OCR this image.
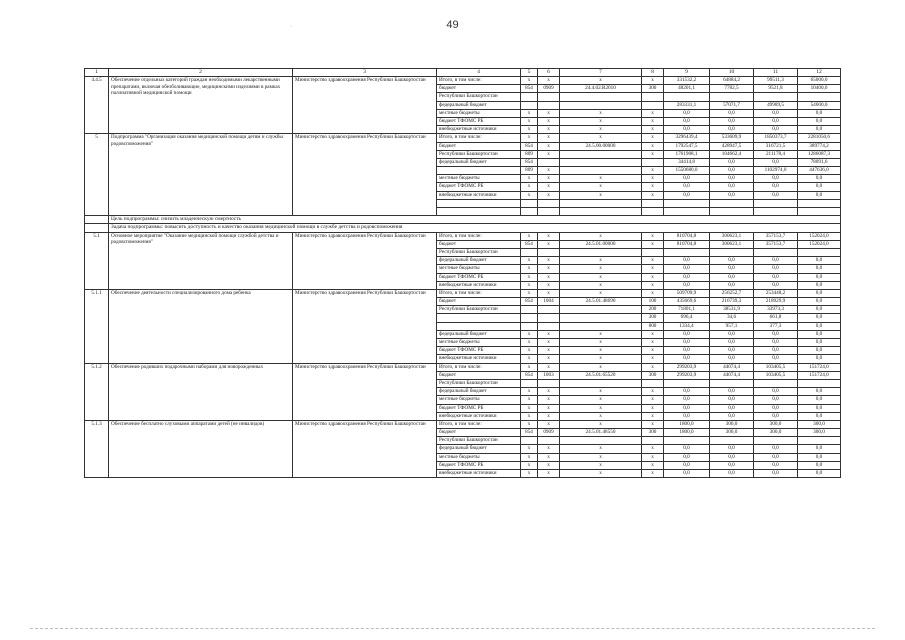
49
·
1	2	3	4	5	6	7	8	9	10	11	12
4.4.5	Обеспечение отдельных категорий граждан необходимыми лекарственными препаратами, включая обезболивающие, медицинскими изделиями в рамках паллиативной медицинской помощи	Министерство здравоохранения Республики Башкортостан	Итого, в том числе:	х	х	х	х	331532,2	64884,2	99511,3	65000,0
			бюджет	854	0909	24.4.02.R2010	300	48201,1	7782,5	9521,8	10400,0
			Республики Башкортостан								
			федеральный бюджет					283331,1	57071,7	49989,5	54600,0
			местные бюджеты	х	х	х	х	0,0	0,0	0,0	0,0
			бюджет ТФОМС РБ	х	х	х	х	0,0	0,0	0,0	0,0
			внебюджетные источники	х	х	х	х	0,0	0,0	0,0	0,0
5	Подпрограмма "Организация оказания медицинской помощи детям и службы родовспоможения"	Министерство здравоохранения Республики Башкортостан	Итого, в том числе:	х	х	х	х	3296439,4	533609,9	1850373,7	2281050,6
			бюджет	854	х	24.5.00.00000	х	1792547,5	428947,5	316721,5	389774,2
			Республики Башкортостан	809	х		х	1761908,1	104662,4	211178,4	1286087,3
			федеральный бюджет	854				34414,8	0,0	0,0	78091,6
				809	х		х	1550680,0	0,0	1102974,0	447636,0
			местные бюджеты	х	х	х	х	0,0	0,0	0,0	0,0
			бюджет ТФОМС РБ	х	х	х	х	0,0	0,0	0,0	0,0
			внебюджетные источники	х	х	х	х	0,0	0,0	0,0	0,0

	Цель подпрограммы: снизить младенческую смертность										
	Задача подпрограммы: повысить доступность и качество оказания медицинской помощи в службе детства и родовспоможения										
5.1	Основное мероприятие "Оказание медицинской помощи службой детства и родовспоможения"	Министерство здравоохранения Республики Башкортостан	Итого, в том числе:	х	х	х	х	810704,8	300623,1	357153,7	152024,0
			бюджет	854	х	24.5.01.00000	х	810704,8	300623,1	357153,7	152024,0
			Республики Башкортостан								
			федеральный бюджет	х	х	х	х	0,0	0,0	0,0	0,0
			местные бюджеты	х	х	х	х	0,0	0,0	0,0	0,0
			бюджет ТФОМС РБ	х	х	х	х	0,0	0,0	0,0	0,0
			внебюджетные источники	х	х	х	х	0,0	0,0	0,0	0,0
5.1.1	Обеспечение деятельности специализированного дома ребенка	Министерство здравоохранения Республики Башкортостан	Итого, в том числе:	х	х	х	х	509709,9	256252,7	253448,2	0,0
			бюджет	854	1004	24.5.01.48690	100	435669,6	216739,3	218929,9	0,0
			Республики Башкортостан				200	71801,1	38531,9	33973,3	0,0
							300	696,4	34,6	661,8	0,0
							800	1334,4	957,1	377,3	0,0
			федеральный бюджет	х	х	х	х	0,0	0,0	0,0	0,0
			местные бюджеты	х	х	х	х	0,0	0,0	0,0	0,0
			бюджет ТФОМС РБ	х	х	х	х	0,0	0,0	0,0	0,0
			внебюджетные источники	х	х	х	х	0,0	0,0	0,0	0,0
5.1.2	Обеспечение родивших подарочными наборами для новорожденных	Министерство здравоохранения Республики Башкортостан	Итого, в том числе:	х	х	х	х	299203,9	44074,4	103405,5	151724,0
			бюджет	854	1003	24.5.01.65520	300	299203,9	44074,4	103405,5	151724,0
			Республики Башкортостан								
			федеральный бюджет	х	х	х	х	0,0	0,0	0,0	0,0
			местные бюджеты	х	х	х	х	0,0	0,0	0,0	0,0
			бюджет ТФОМС РБ	х	х	х	х	0,0	0,0	0,0	0,0
			внебюджетные источники	х	х	х	х	0,0	0,0	0,0	0,0
5.1.3	Обеспечение бесплатно слуховыми аппаратами детей (не инвалидов)	Министерство здравоохранения Республики Башкортостан	Итого, в том числе:	х	х	х	х	1800,0	300,0	300,0	300,0
			бюджет	854	0909	24.5.01.48550	300	1800,0	300,0	300,0	300,0
			Республики Башкортостан								
			федеральный бюджет	х	х	х	х	0,0	0,0	0,0	0,0
			местные бюджеты	х	х	х	х	0,0	0,0	0,0	0,0
			бюджет ТФОМС РБ	х	х	х	х	0,0	0,0	0,0	0,0
			внебюджетные источники	х	х	х	х	0,0	0,0	0,0	0,0
